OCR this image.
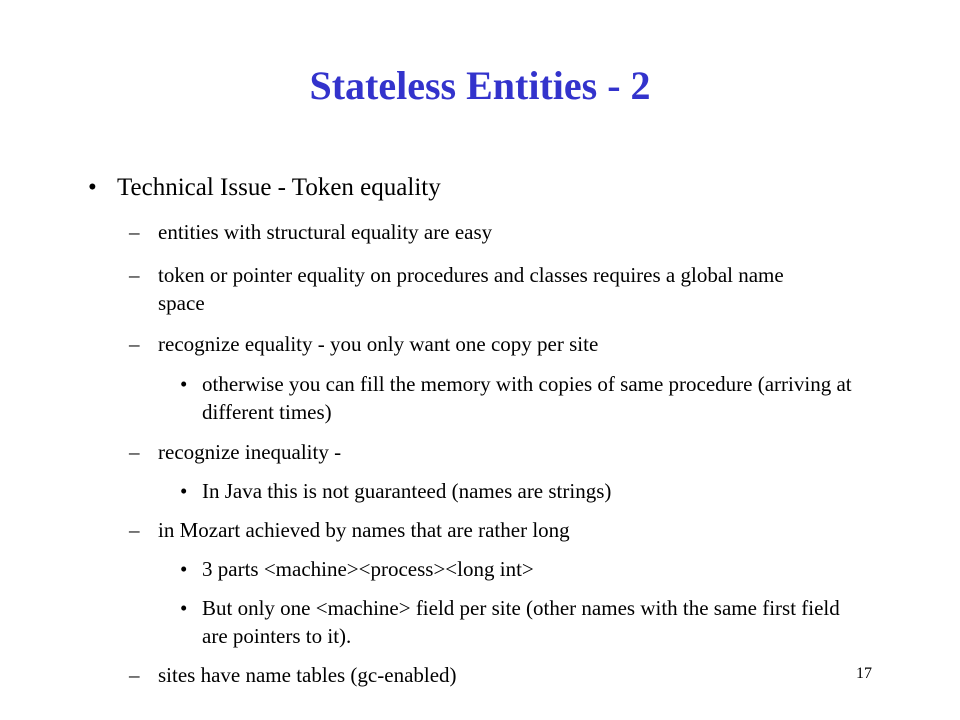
Stateless Entities - 2
• Technical Issue - Token equality
– entities with structural equality are easy
– token or pointer equality on procedures and classes requires a global name space
– recognize equality - you only want one copy per site
• otherwise you can fill the memory with copies of same procedure (arriving at different times)
– recognize inequality -
• In Java this is not guaranteed (names are strings)
– in Mozart achieved by names that are rather long
• 3 parts <machine><process><long int>
• But only one <machine> field per site (other names with the same first field are pointers to it).
– sites have name tables (gc-enabled)	17
